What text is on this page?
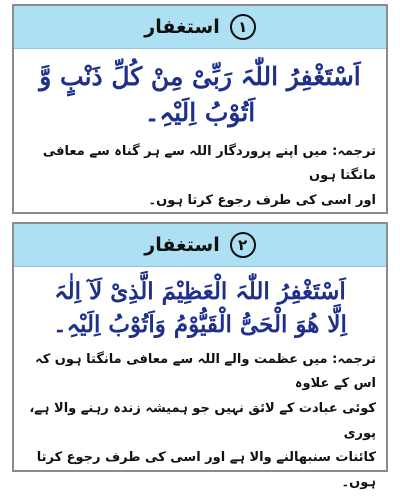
١
استغفار
اَسْتَغْفِرُ اللّٰہَ رَبِّیْ مِنْ کُلِّ ذَنْبٍ وَّ
اَتُوْبُ اِلَیْہِ۔
ترجمہ: میں اپنے پروردگار اللہ سے ہر گناہ سے معافی مانگتا ہوں
اور اسی کی طرف رجوع کرتا ہوں۔
٢
استغفار
اَسْتَغْفِرُ اللّٰہَ الْعَظِیْمَ الَّذِیْ لَآ اِلٰہَ
اِلَّا ھُوَ الْحَیُّ الْقَیُّوْمُ وَاَتُوْبُ اِلَیْہِ۔
ترجمہ: میں عظمت والے اللہ سے معافی مانگتا ہوں کہ اس کے علاوہ
کوئی عبادت کے لائق نہیں جو ہمیشہ زندہ رہنے والا ہے، پوری
کائنات سنبھالنے والا ہے اور اسی کی طرف رجوع کرتا ہوں۔
